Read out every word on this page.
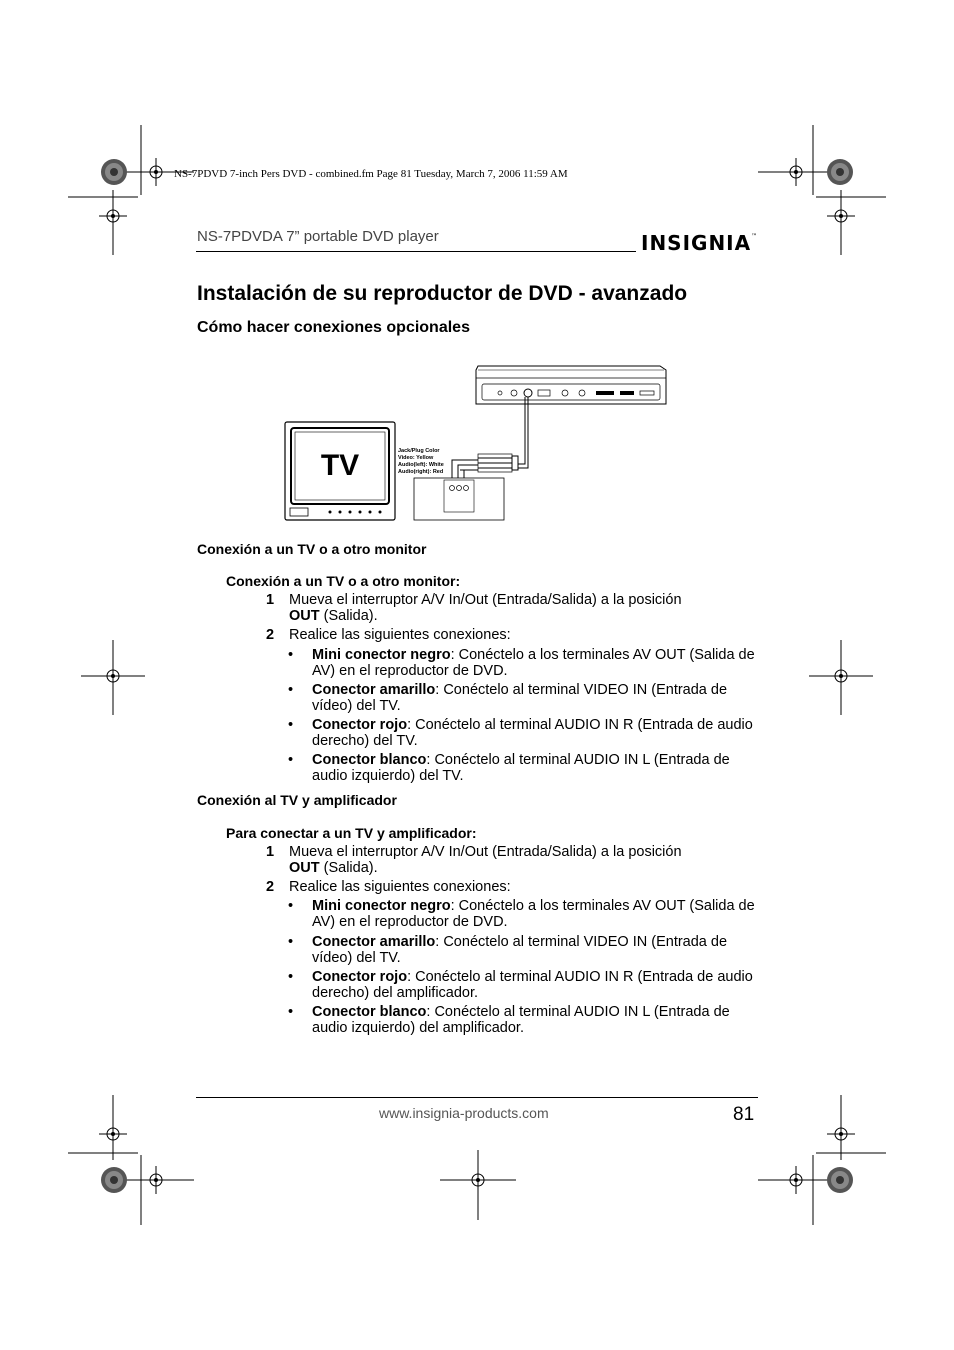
NS-7PDVD 7-inch Pers DVD - combined.fm Page 81 Tuesday, March 7, 2006 11:59 AM
NS-7PDVDA 7” portable DVD player	INSIGNIA™
Instalación de su reproductor de DVD - avanzado
Cómo hacer conexiones opcionales
TV	Jack/Plug Color
Video: Yellow
Audio(left): White
Audio(right): Red
Conexión a un TV o a otro monitor
Conexión a un TV o a otro monitor:
1 Mueva el interruptor A/V In/Out (Entrada/Salida) a la posición
OUT (Salida).
2 Realice las siguientes conexiones:
• Mini conector negro: Conéctelo a los terminales AV OUT (Salida de AV) en el reproductor de DVD.
• Conector amarillo: Conéctelo al terminal VIDEO IN (Entrada de vídeo) del TV.
• Conector rojo: Conéctelo al terminal AUDIO IN R (Entrada de audio derecho) del TV.
• Conector blanco: Conéctelo al terminal AUDIO IN L (Entrada de audio izquierdo) del TV.
Conexión al TV y amplificador
Para conectar a un TV y amplificador:
1 Mueva el interruptor A/V In/Out (Entrada/Salida) a la posición
OUT (Salida).
2 Realice las siguientes conexiones:
• Mini conector negro: Conéctelo a los terminales AV OUT (Salida de AV) en el reproductor de DVD.
• Conector amarillo: Conéctelo al terminal VIDEO IN (Entrada de vídeo) del TV.
• Conector rojo: Conéctelo al terminal AUDIO IN R (Entrada de audio derecho) del amplificador.
• Conector blanco: Conéctelo al terminal AUDIO IN L (Entrada de audio izquierdo) del amplificador.
www.insignia-products.com	81
